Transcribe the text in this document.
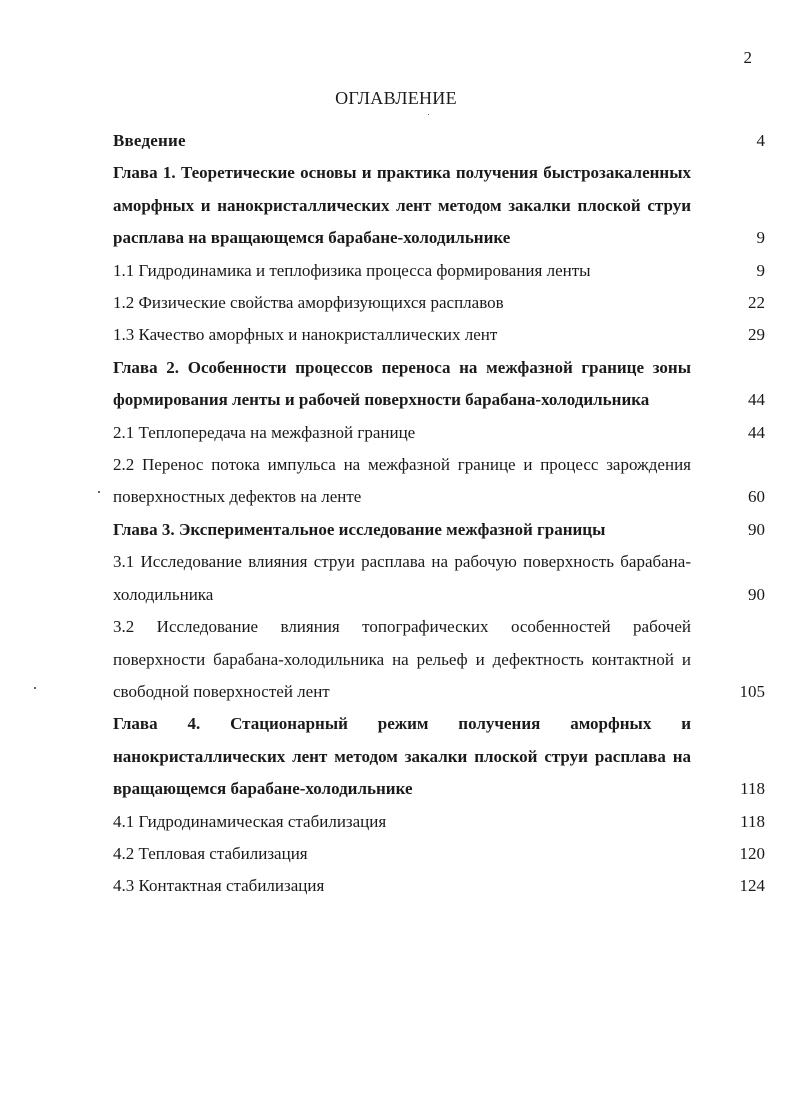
2
ОГЛАВЛЕНИЕ
Введение	4
Глава 1. Теоретические основы и практика получения быстрозакаленных аморфных и нанокристаллических лент методом закалки плоской струи расплава на вращающемся барабане-холодильнике	9
1.1 Гидродинамика и теплофизика процесса формирования ленты	9
1.2 Физические свойства аморфизующихся расплавов	22
1.3 Качество аморфных и нанокристаллических лент	29
Глава 2. Особенности процессов переноса на межфазной границе зоны формирования ленты и рабочей поверхности барабана-холодильника	44
2.1 Теплопередача на межфазной границе	44
2.2 Перенос потока импульса на межфазной границе и процесс зарождения поверхностных дефектов на ленте	60
Глава 3. Экспериментальное исследование межфазной границы	90
3.1 Исследование влияния струи расплава на рабочую поверхность барабана-холодильника	90
3.2 Исследование влияния топографических особенностей рабочей поверхности барабана-холодильника на рельеф и дефектность контактной и свободной поверхностей лент	105
Глава 4. Стационарный режим получения аморфных и нанокристаллических лент методом закалки плоской струи расплава на вращающемся барабане-холодильнике	118
4.1 Гидродинамическая стабилизация	118
4.2 Тепловая стабилизация	120
4.3 Контактная стабилизация	124
